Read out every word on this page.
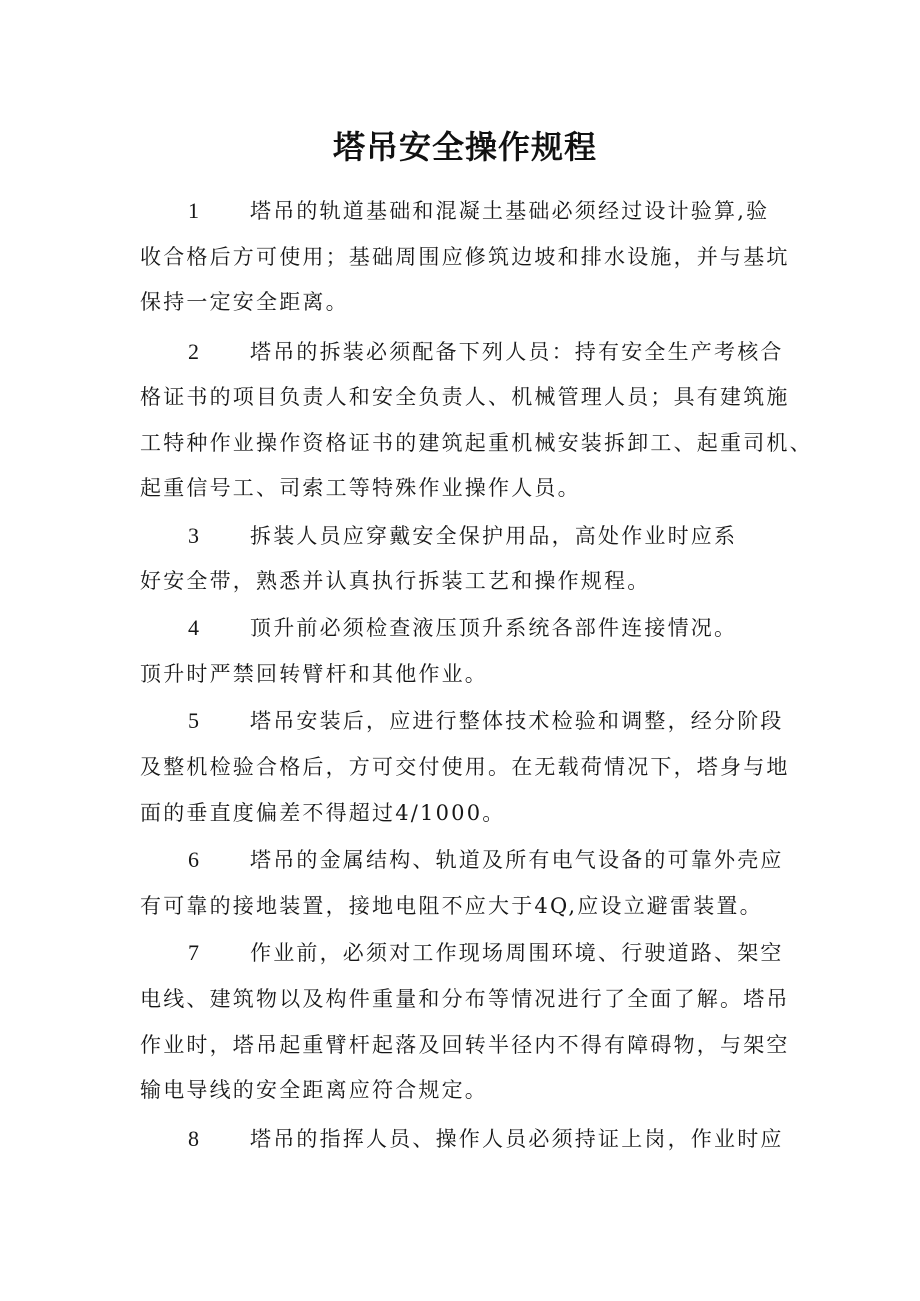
塔吊安全操作规程
1 塔吊的轨道基础和混凝土基础必须经过设计验算,验
收合格后方可使用；基础周围应修筑边坡和排水设施，并与基坑
保持一定安全距离。
2 塔吊的拆装必须配备下列人员：持有安全生产考核合
格证书的项目负责人和安全负责人、机械管理人员；具有建筑施
工特种作业操作资格证书的建筑起重机械安装拆卸工、起重司机、
起重信号工、司索工等特殊作业操作人员。
3 拆装人员应穿戴安全保护用品，高处作业时应系
好安全带，熟悉并认真执行拆装工艺和操作规程。
4 顶升前必须检查液压顶升系统各部件连接情况。
顶升时严禁回转臂杆和其他作业。
5 塔吊安装后，应进行整体技术检验和调整，经分阶段
及整机检验合格后，方可交付使用。在无载荷情况下，塔身与地
面的垂直度偏差不得超过4/1000。
6 塔吊的金属结构、轨道及所有电气设备的可靠外壳应
有可靠的接地装置，接地电阻不应大于4Q,应设立避雷装置。
7 作业前，必须对工作现场周围环境、行驶道路、架空
电线、建筑物以及构件重量和分布等情况进行了全面了解。塔吊
作业时，塔吊起重臂杆起落及回转半径内不得有障碍物，与架空
输电导线的安全距离应符合规定。
8 塔吊的指挥人员、操作人员必须持证上岗，作业时应
